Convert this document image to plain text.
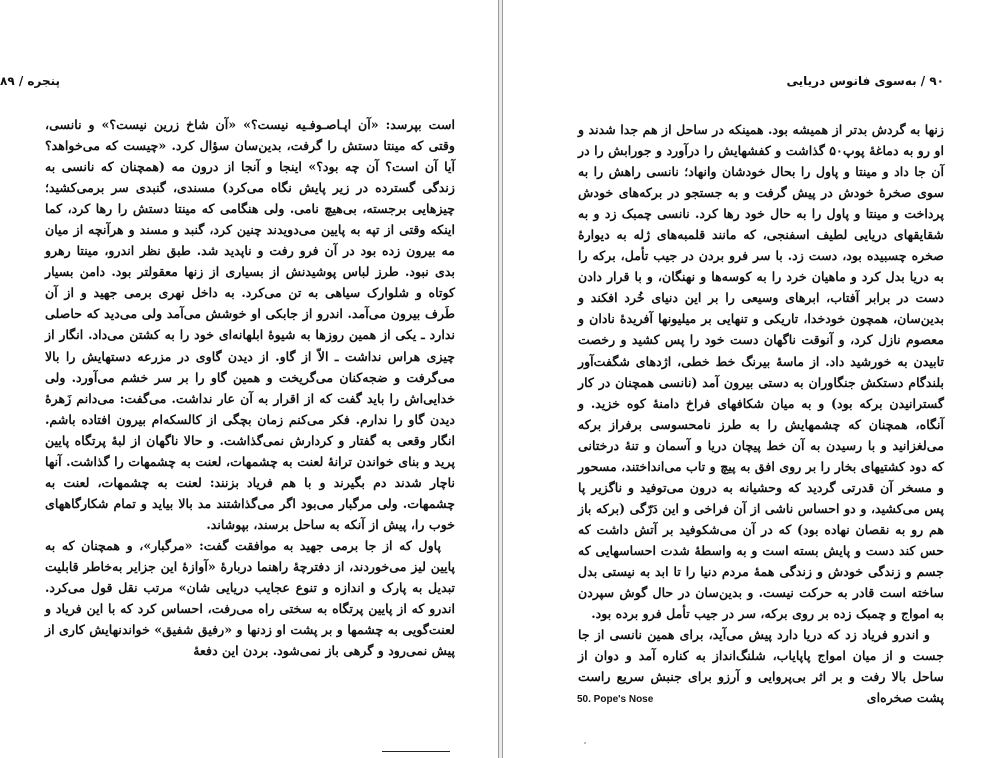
پنجره / ۸۹

است بپرسد: «آن اپـاصـوفـیه نیست؟» «آن شاخ زرین نیست؟» و نانسی، وقتی که مینتا دستش را گرفت، بدین‌سان سؤال کرد. «چیست که می‌خواهد؟ آیا آن است؟ آن چه بود؟» اینجا و آنجا از درون مه (همچنان که نانسی به زندگی گسترده در زیر پایش نگاه می‌کرد) مسندی، گنبدی سر برمی‌کشید؛ چیزهایی برجسته، بی‌هیچ نامی. ولی هنگامی که مینتا دستش را رها کرد، کما اینکه وقتی از تپه به پایین می‌دویدند چنین کرد، گنبد و مسند و هرآنچه از میان مه بیرون زده بود در آن فرو رفت و ناپدید شد. طبق نظر اندرو، مینتا رهرو بدی نبود. طرز لباس پوشیدنش از بسیاری از زنها معقولتر بود. دامن بسیار کوتاه و شلوارک سیاهی به تن می‌کرد. به داخل نهری برمی جهید و از آن طَرف بیرون می‌آمد. اندرو از جابکی او خوشش می‌آمد ولی می‌دید که حاصلی ندارد ـ یکی از همین روزها به شیوهٔ ابلهانه‌ای خود را به کشتن می‌داد. انگار از چیزی هراس نداشت ـ الاّ از گاو. از دیدن گاوی در مزرعه دستهایش را بالا می‌گرفت و ضجه‌کنان می‌گریخت و همین گاو را بر سر خشم می‌آورد. ولی خدایی‌اش را باید گفت که از اقرار به آن عار نداشت. می‌گفت: می‌دانم زَهرهٔ دیدن گاو را ندارم. فکر می‌کنم زمان بچگی از کالسکه‌ام بیرون افتاده باشم. انگار وقعی به گفتار و کردارش نمی‌گذاشت. و حالا ناگهان از لبهٔ پرتگاه پایین پرید و بنای خواندن ترانهٔ لعنت به چشمهات، لعنت به چشمهات را گذاشت. آنها ناچار شدند دم بگیرند و با هم فریاد بزنند: لعنت به چشمهات، لعنت به چشمهات. ولی مرگبار می‌بود اگر می‌گذاشتند مد بالا بیاید و تمام شکارگاههای خوب را، پیش از آنکه به ساحل برسند، بپوشاند.

پاول که از جا برمی جهید به موافقت گفت: «مرگبار»، و همچنان که به پایین لیز می‌خوردند، از دفترچهٔ راهنما دربارهٔ «آوازهٔ این جزایر به‌خاطر قابلیت تبدیل به پارک و اندازه و تنوع عجایب دریایی شان» مرتب نقل قول می‌کرد. اندرو که از پایین پرتگاه به سختی راه می‌رفت، احساس کرد که با این فریاد و لعنت‌گویی به چشمها و بر پشت او زدنها و «رفیق شفیق» خواندنهایش کاری از پیش نمی‌رود و گرهی باز نمی‌شود. بردن این دفعهٔ

۹۰ / به‌سوی فانوس دریایی

زنها به گردش بدتر از همیشه بود. همینکه در ساحل از هم جدا شدند و او رو به دماغهٔ پوپ۵۰ گذاشت و کفشهایش را درآورد و جورابش را در آن جا داد و مینتا و پاول را بحال خودشان وانهاد؛ نانسی راهش را به سوی صخرهٔ خودش در پیش گرفت و به جستجو در برکه‌های خودش پرداخت و مینتا و پاول را به حال خود رها کرد. نانسی چمبک زد و به شقایقهای دریایی لطیف اسفنجی، که مانند قلمبه‌های ژله به دیوارهٔ صخره چسبیده بود، دست زد. با سر فرو بردن در جیب تأمل، برکه را به دریا بدل کرد و ماهیان خرد را به کوسه‌ها و نهنگان، و با قرار دادن دست در برابر آفتاب، ابرهای وسیعی را بر این دنیای خُرد افکند و بدین‌سان، همچون خودخدا، تاریکی و تنهایی بر میلیونها آفریدهٔ نادان و معصوم نازل کرد، و آنوقت ناگهان دست خود را پس کشید و رخصت تابیدن به خورشید داد. از ماسهٔ بیرنگ خط خطی، اژدهای شگفت‌آور بلندگام دستکش جنگاوران به دستی بیرون آمد (نانسی همچنان در کار گسترانیدن برکه بود) و به میان شکافهای فراخ دامنهٔ کوه خزید. و آنگاه، همچنان که چشمهایش را به طرز نامحسوسی برفراز برکه می‌لغزانید و با رسیدن به آن خط پیچان دریا و آسمان و تنهٔ درختانی که دود کشتیهای بخار را بر روی افق به پیچ و تاب می‌انداختند، مسحور و مسخر آن قدرتی گردید که وحشیانه به درون می‌توفید و ناگزیر پا پس می‌کشید، و دو احساس ناشی از آن فراخی و این دَرّگی (برکه باز هم رو به نقصان نهاده بود) که در آن می‌شکوفید بر آتش داشت که حس کند دست و پایش بسته است و به واسطهٔ شدت احساسهایی که جسم و زندگی خودش و زندگی همهٔ مردم دنیا را تا ابد به نیستی بدل ساخته است قادر به حرکت نیست. و بدین‌سان در حال گوش سپردن به امواج و چمبک زده بر روی برکه، سر در جیب تأمل فرو برده بود.

و اندرو فریاد زد که دریا دارد پیش می‌آید، برای همین نانسی از جا جست و از میان امواج پاپایاب، شلنگ‌انداز به کناره آمد و دوان از ساحل بالا رفت و بر اثر بی‌پروایی و آرزو برای جنبش سریع راست پشت صخره‌ای

50. Pope's Nose
